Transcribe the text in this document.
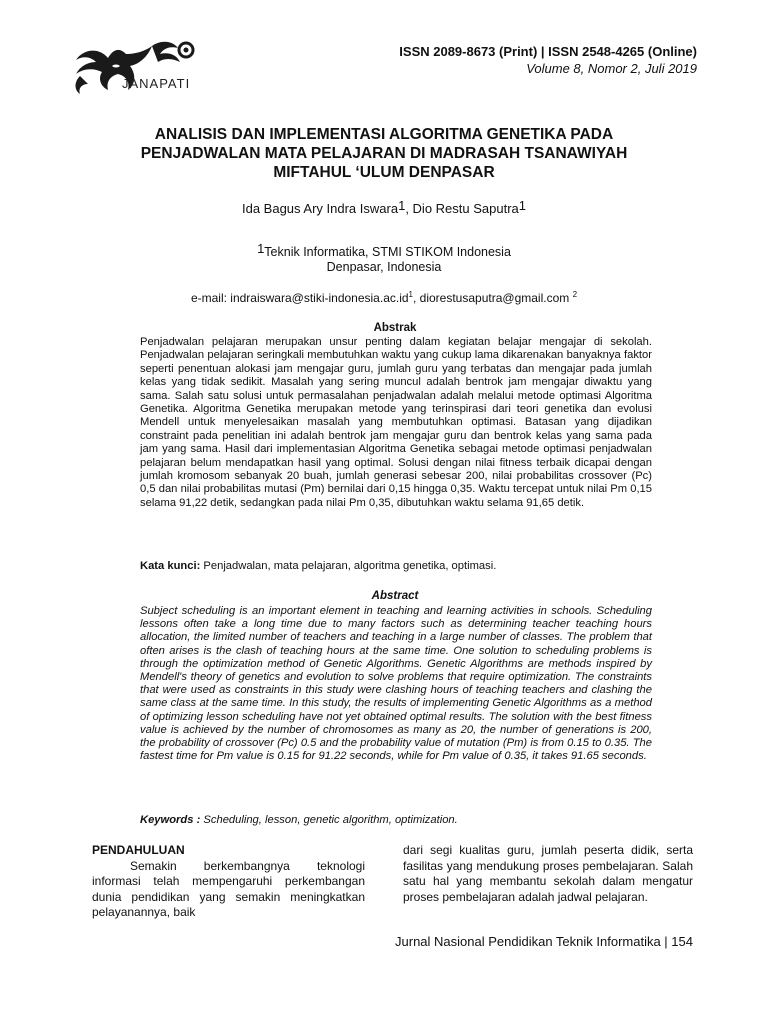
JANAPATI
ISSN 2089-8673 (Print) | ISSN 2548-4265 (Online)
Volume 8, Nomor 2, Juli 2019
ANALISIS DAN IMPLEMENTASI ALGORITMA GENETIKA PADA
PENJADWALAN MATA PELAJARAN DI MADRASAH TSANAWIYAH
MIFTAHUL ‘ULUM DENPASAR
Ida Bagus Ary Indra Iswara$^1$, Dio Restu Saputra$^1$
$^1$Teknik Informatika, STMI STIKOM Indonesia
Denpasar, Indonesia
e-mail: $indraiswara@stiki-indonesia.ac.id^1$, diorestusaputra@gmail.com $^2$
Abstrak
Penjadwalan pelajaran merupakan unsur penting dalam kegiatan belajar mengajar di sekolah. Penjadwalan pelajaran seringkali membutuhkan waktu yang cukup lama dikarenakan banyaknya faktor seperti penentuan alokasi jam mengajar guru, jumlah guru yang terbatas dan mengajar pada jumlah kelas yang tidak sedikit. Masalah yang sering muncul adalah bentrok jam mengajar diwaktu yang sama. Salah satu solusi untuk permasalahan penjadwalan adalah melalui metode optimasi Algoritma Genetika. Algoritma Genetika merupakan metode yang terinspirasi dari teori genetika dan evolusi Mendell untuk menyelesaikan masalah yang membutuhkan optimasi. Batasan yang dijadikan constraint pada penelitian ini adalah bentrok jam mengajar guru dan bentrok kelas yang sama pada jam yang sama. Hasil dari implementasian Algoritma Genetika sebagai metode optimasi penjadwalan pelajaran belum mendapatkan hasil yang optimal. Solusi dengan nilai fitness terbaik dicapai dengan jumlah kromosom sebanyak 20 buah, jumlah generasi sebesar 200, nilai probabilitas crossover (Pc) 0,5 dan nilai probabilitas mutasi (Pm) bernilai dari 0,15 hingga 0,35. Waktu tercepat untuk nilai Pm 0,15 selama 91,22 detik, sedangkan pada nilai Pm 0,35, dibutuhkan waktu selama 91,65 detik.
Kata kunci: Penjadwalan, mata pelajaran, algoritma genetika, optimasi.
Abstract
Subject scheduling is an important element in teaching and learning activities in schools. Scheduling lessons often take a long time due to many factors such as determining teacher teaching hours allocation, the limited number of teachers and teaching in a large number of classes. The problem that often arises is the clash of teaching hours at the same time. One solution to scheduling problems is through the optimization method of Genetic Algorithms. Genetic Algorithms are methods inspired by Mendell's theory of genetics and evolution to solve problems that require optimization. The constraints that were used as constraints in this study were clashing hours of teaching teachers and clashing the same class at the same time. In this study, the results of implementing Genetic Algorithms as a method of optimizing lesson scheduling have not yet obtained optimal results. The solution with the best fitness value is achieved by the number of chromosomes as many as 20, the number of generations is 200, the probability of crossover (Pc) 0.5 and the probability value of mutation (Pm) is from 0.15 to 0.35. The fastest time for Pm value is 0.15 for 91.22 seconds, while for Pm value of 0.35, it takes 91.65 seconds.
Keywords : Scheduling, lesson, genetic algorithm, optimization.
PENDAHULUAN
Semakin berkembangnya teknologi informasi telah mempengaruhi perkembangan dunia pendidikan yang semakin meningkatkan pelayanannya, baik
dari segi kualitas guru, jumlah peserta didik, serta fasilitas yang mendukung proses pembelajaran. Salah satu hal yang membantu sekolah dalam mengatur proses pembelajaran adalah jadwal pelajaran.
Jurnal Nasional Pendidikan Teknik Informatika | 154
